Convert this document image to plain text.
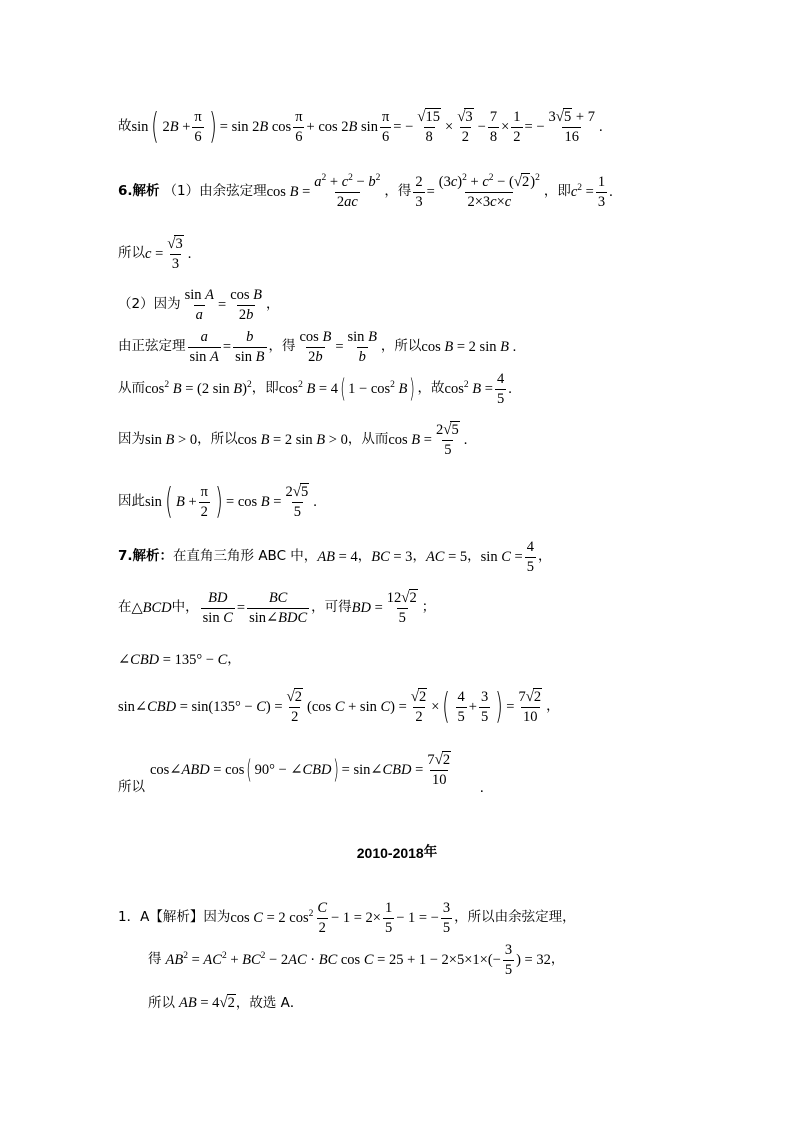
故 sin ( $2B + \frac{\pi}{6}$ ) = sin 2B $\cos \frac{\pi}{6} + \cos 2B$ $\sin \frac{\pi}{6}$ = − $\frac{√15}{8} \times \frac{√3}{2} - \frac{7}{8} \times \frac{1}{2}$ = − $\frac{3√5 + 7}{16}$ .
6.解析 （1）由余弦定理 $\cos B = \frac{a^2 + c^2 - b^2}{2ac}$ ，得 $\frac{2}{3} = \frac{(3c)^2 + c^2 - (√2)^2}{2\times 3c\times c}$ ，即 $c^2 = \frac{1}{3}$ .
所以 $c = \frac{√3}{3}$ .
（2）因为 $\frac{\text{sin A}}{a} = \frac{\text{cos B}}{2b}$ ，
由正弦定理 $\frac{a}{\text{sin A}} = \frac{b}{\text{sin B}}$ ，得 $\frac{\text{cos B}}{2b} = \frac{\text{sin B}}{b}$ ，所以 cos B = 2 sin B .
从而 $\cos^2 B = (2$ sin B)$^2$ ，即 $\cos^2 B = 4$ ( $1 - \cos^2 B$ ) ，故 $\cos^2 B = \frac{4}{5}$ .
因为 sin B > 0 ，所以 cos B = 2 sin B > 0 ，从而 $\cos B = \frac{2√5}{5}$ .
因此 sin ( $B + \frac{\pi}{2}$ ) = $\cos B = \frac{2√5}{5}$ .
7.解析： 在直角三角形 ABC 中， AB = 4 ， BC = 3 ， AC = 5 ， $\sin C = \frac{4}{5}$ ，
在 △BCD 中， $\frac{BD}{\text{sin C}} = \frac{BC}{\text{sin∠BDC}}$ ，可得 BD = $\frac{12√2}{5}$ ；
∠CBD = 135° − C ，
sin∠CBD = $\sin(135^\circ - C) = \frac{√2}{2} (\cos$ $C + \sin C) = \frac{√2}{2}$ × ( $\frac{4}{5} + \frac{3}{5}$ ) = $\frac{7√2}{10}$ ，
所以
cos∠ABD = cos ( 90° − ∠CBD ) = sin∠CBD = $\frac{7√2}{10}$ .
2010-2018 年
1．A【解析】因为 cos C = 2 $\cos^2 \frac{C}{2} - 1 = 2\times \frac{1}{5} - 1$ = − $\frac{3}{5}$ ，所以由余弦定理，
得 $AB^2 = AC^2 + BC^2 - 2AC$ · BC $\cos C = 25 + 1 - 2\times 5\times 1\times(- \frac{3}{5}$ ) = 32 ，
所以 AB = 4√2 ，故选 A．
